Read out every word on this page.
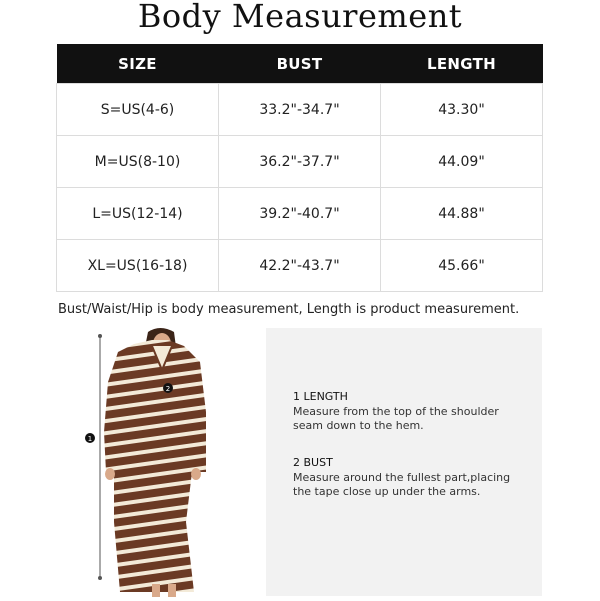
Body Measurement
SIZE	BUST	LENGTH
S=US(4-6)	33.2"-34.7"	43.30"
M=US(8-10)	36.2"-37.7"	44.09"
L=US(12-14)	39.2"-40.7"	44.88"
XL=US(16-18)	42.2"-43.7"	45.66"
Bust/Waist/Hip is body measurement, Length is product measurement.
1
2
1 LENGTH
Measure from the top of the shoulder seam down to the hem.
2 BUST
Measure around the fullest part,placing the tape close up under the arms.
